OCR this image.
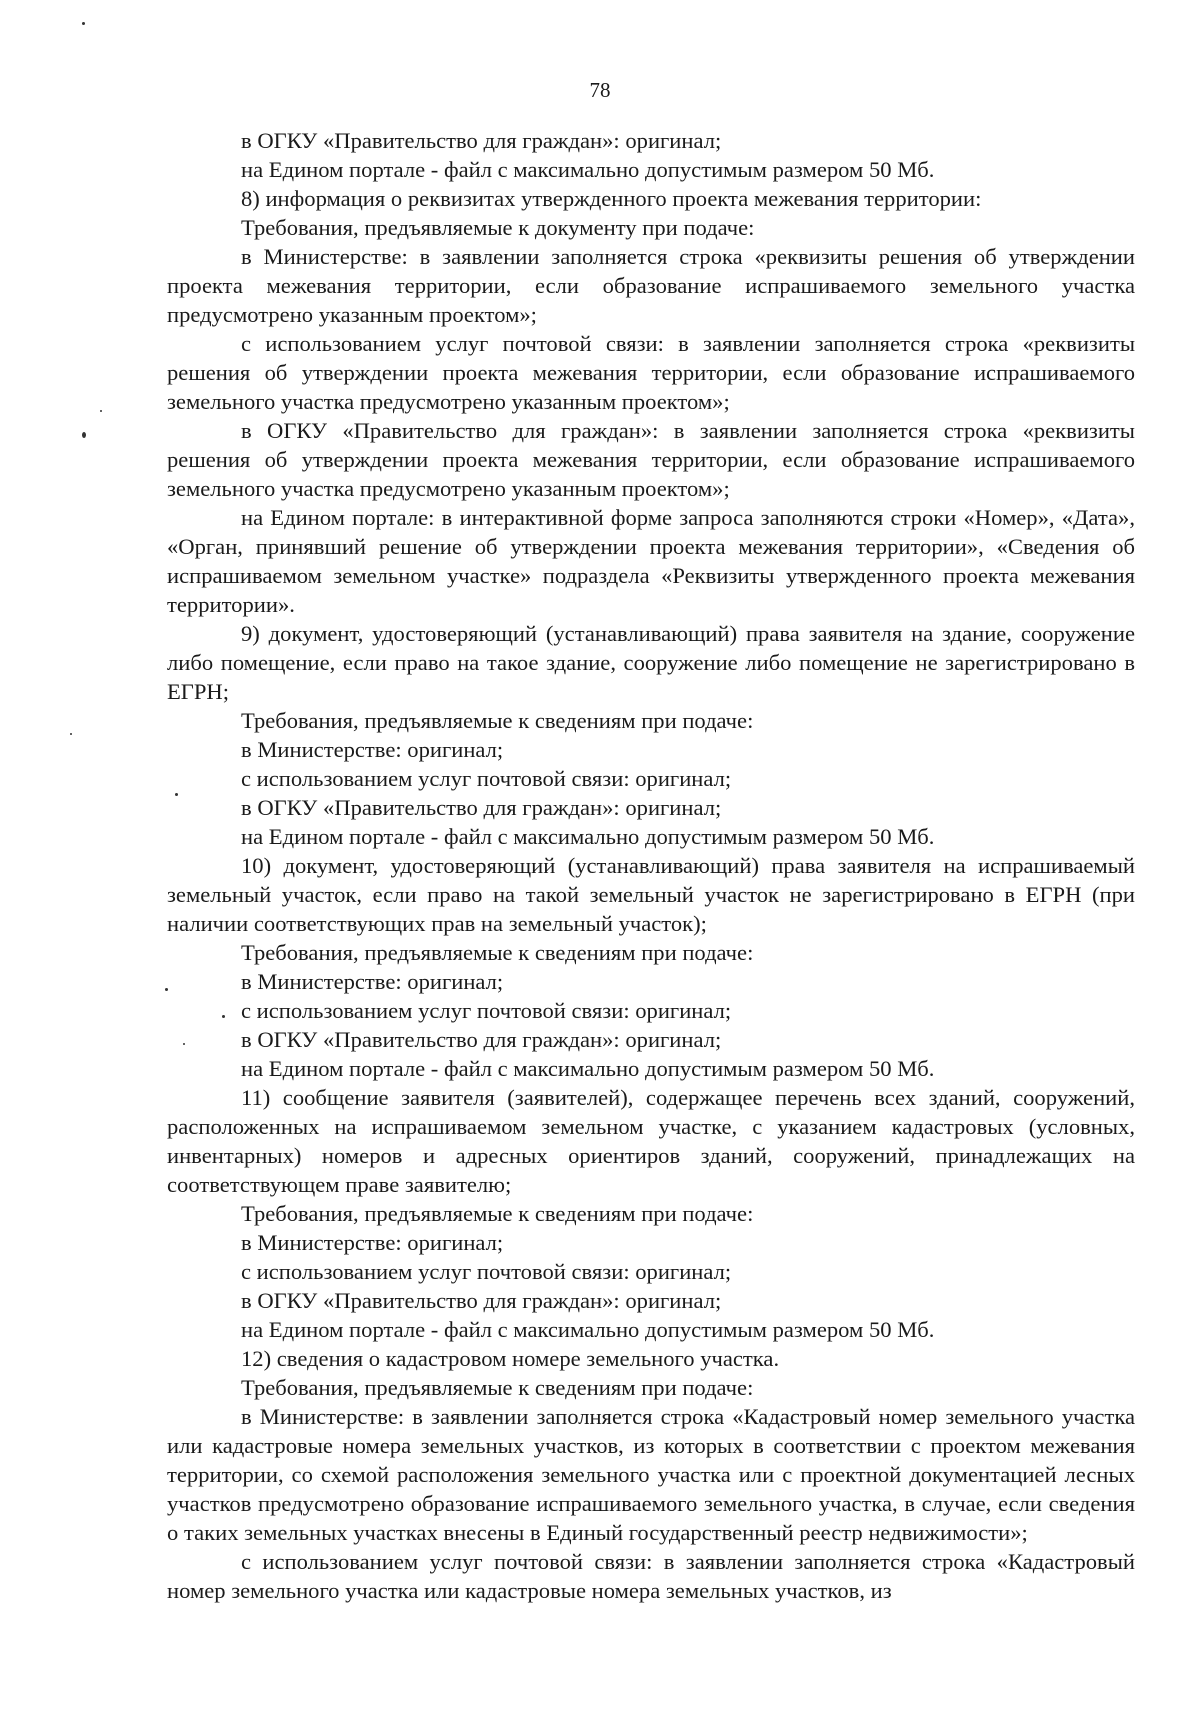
78

в ОГКУ «Правительство для граждан»: оригинал;

на Едином портале - файл с максимально допустимым размером 50 Мб.

8) информация о реквизитах утвержденного проекта межевания территории:

Требования, предъявляемые к документу при подаче:

в Министерстве: в заявлении заполняется строка «реквизиты решения об утверждении проекта межевания территории, если образование испрашиваемого земельного участка предусмотрено указанным проектом»;

с использованием услуг почтовой связи: в заявлении заполняется строка «реквизиты решения об утверждении проекта межевания территории, если образование испрашиваемого земельного участка предусмотрено указанным проектом»;

в ОГКУ «Правительство для граждан»: в заявлении заполняется строка «реквизиты решения об утверждении проекта межевания территории, если образование испрашиваемого земельного участка предусмотрено указанным проектом»;

на Едином портале: в интерактивной форме запроса заполняются строки «Номер», «Дата», «Орган, принявший решение об утверждении проекта межевания территории», «Сведения об испрашиваемом земельном участке» подраздела «Реквизиты утвержденного проекта межевания территории».

9) документ, удостоверяющий (устанавливающий) права заявителя на здание, сооружение либо помещение, если право на такое здание, сооружение либо помещение не зарегистрировано в ЕГРН;

Требования, предъявляемые к сведениям при подаче:

в Министерстве: оригинал;

с использованием услуг почтовой связи: оригинал;

в ОГКУ «Правительство для граждан»: оригинал;

на Едином портале - файл с максимально допустимым размером 50 Мб.

10) документ, удостоверяющий (устанавливающий) права заявителя на испрашиваемый земельный участок, если право на такой земельный участок не зарегистрировано в ЕГРН (при наличии соответствующих прав на земельный участок);

Требования, предъявляемые к сведениям при подаче:

в Министерстве: оригинал;

с использованием услуг почтовой связи: оригинал;

в ОГКУ «Правительство для граждан»: оригинал;

на Едином портале - файл с максимально допустимым размером 50 Мб.

11) сообщение заявителя (заявителей), содержащее перечень всех зданий, сооружений, расположенных на испрашиваемом земельном участке, с указанием кадастровых (условных, инвентарных) номеров и адресных ориентиров зданий, сооружений, принадлежащих на соответствующем праве заявителю;

Требования, предъявляемые к сведениям при подаче:

в Министерстве: оригинал;

с использованием услуг почтовой связи: оригинал;

в ОГКУ «Правительство для граждан»: оригинал;

на Едином портале - файл с максимально допустимым размером 50 Мб.

12) сведения о кадастровом номере земельного участка.

Требования, предъявляемые к сведениям при подаче:

в Министерстве: в заявлении заполняется строка «Кадастровый номер земельного участка или кадастровые номера земельных участков, из которых в соответствии с проектом межевания территории, со схемой расположения земельного участка или с проектной документацией лесных участков предусмотрено образование испрашиваемого земельного участка, в случае, если сведения о таких земельных участках внесены в Единый государственный реестр недвижимости»;

с использованием услуг почтовой связи: в заявлении заполняется строка «Кадастровый номер земельного участка или кадастровые номера земельных участков, из
